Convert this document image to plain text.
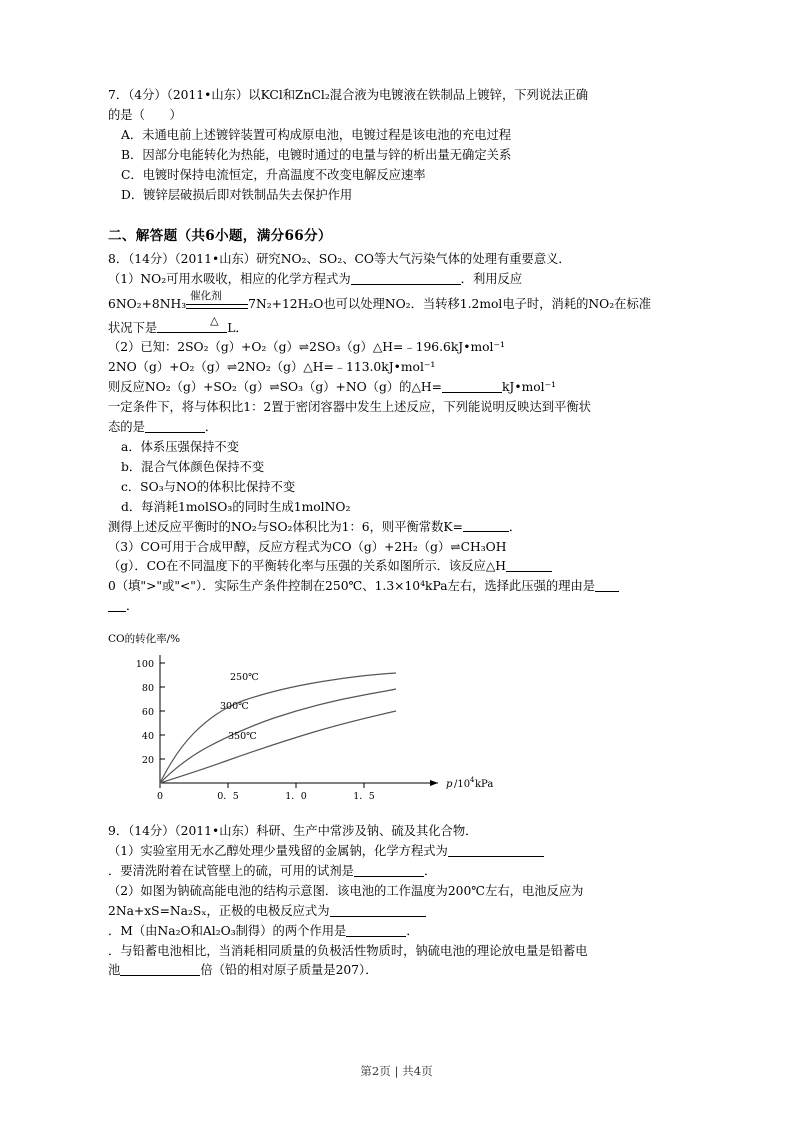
7．（4分）（2011•山东）以KCl和ZnCl₂混合液为电镀液在铁制品上镀锌，下列说法正确
的是（　　）
A．未通电前上述镀锌装置可构成原电池，电镀过程是该电池的充电过程
B．因部分电能转化为热能，电镀时通过的电量与锌的析出量无确定关系
C．电镀时保持电流恒定，升高温度不改变电解反应速率
D．镀锌层破损后即对铁制品失去保护作用
二、解答题（共6小题，满分66分）
8．（14分）（2011•山东）研究NO₂、SO₂、CO等大气污染气体的处理有重要意义．
（1）NO₂可用水吸收，相应的化学方程式为	．利用反应
6NO₂+8NH₃
催化剂
△
7N₂+12H₂O也可以处理NO₂．当转移1.2mol电子时，消耗的NO₂在标准
状况下是	L．
（2）已知：2SO₂（g）+O₂（g）⇌2SO₃（g）△H=﹣196.6kJ•mol⁻¹
2NO（g）+O₂（g）⇌2NO₂（g）△H=﹣113.0kJ•mol⁻¹
则反应NO₂（g）+SO₂（g）⇌SO₃（g）+NO（g）的△H=	kJ•mol⁻¹
一定条件下，将与体积比1：2置于密闭容器中发生上述反应，下列能说明反映达到平衡状
态的是	．
a．体系压强保持不变
b．混合气体颜色保持不变
c．SO₃与NO的体积比保持不变
d．每消耗1molSO₃的同时生成1molNO₂
测得上述反应平衡时的NO₂与SO₂体积比为1：6，则平衡常数K=	．
（3）CO可用于合成甲醇，反应方程式为CO（g）+2H₂（g）⇌CH₃OH
（g）．CO在不同温度下的平衡转化率与压强的关系如图所示．该反应△H
0（填">"或"<"）．实际生产条件控制在250℃、1.3×10⁴kPa左右，选择此压强的理由是
．
CO的转化率/%
100
80
60
40
20
0	0．5	1．0	1．5
p /10 4 kPa
250℃
300℃
350℃
9．（14分）（2011•山东）科研、生产中常涉及钠、硫及其化合物．
（1）实验室用无水乙醇处理少量残留的金属钠，化学方程式为
．要清洗附着在试管壁上的硫，可用的试剂是	．
（2）如图为钠硫高能电池的结构示意图．该电池的工作温度为200℃左右，电池反应为
2Na+xS=Na₂Sₓ，正极的电极反应式为
．M（由Na₂O和Al₂O₃制得）的两个作用是	．
．与铅蓄电池相比，当消耗相同质量的负极活性物质时，钠硫电池的理论放电量是铅蓄电
池	倍（铅的相对原子质量是207）．
第2页 | 共4页
